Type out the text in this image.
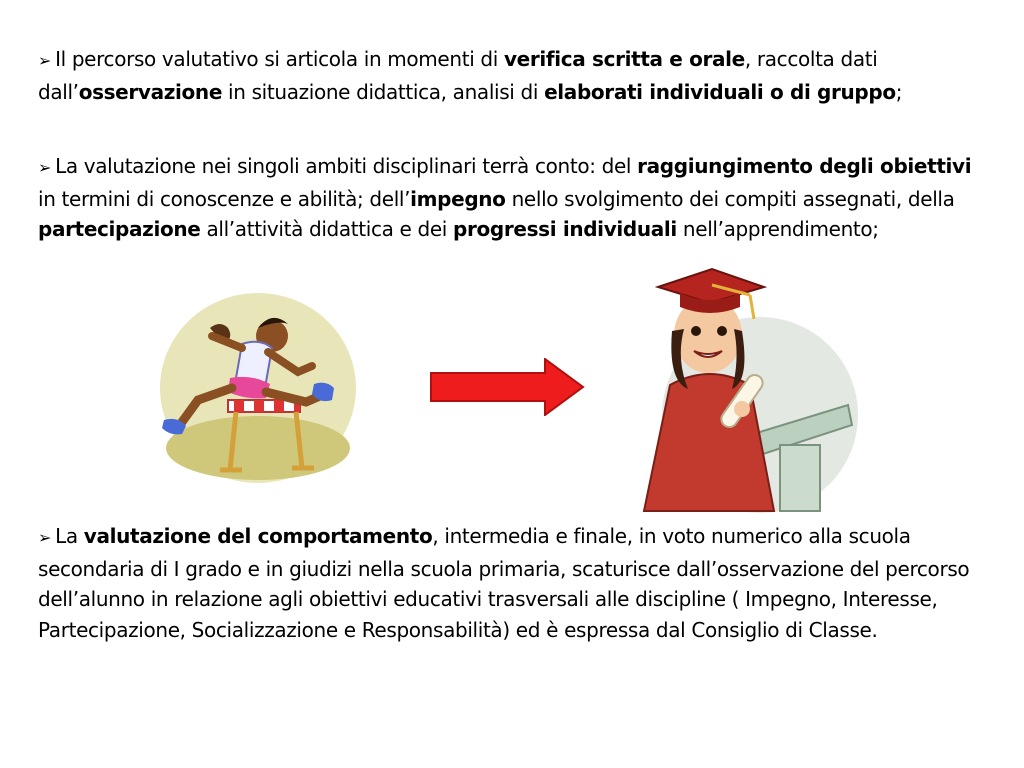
➢ Il percorso valutativo si articola in momenti di verifica scritta e orale, raccolta dati dall’osservazione in situazione didattica, analisi di elaborati individuali o di gruppo;
➢ La valutazione nei singoli ambiti disciplinari terrà conto: del raggiungimento degli obiettivi in termini di conoscenze e abilità; dell’impegno nello svolgimento dei compiti assegnati, della partecipazione all’attività didattica e dei progressi individuali nell’apprendimento;
➢ La valutazione del comportamento, intermedia e finale, in voto numerico alla scuola secondaria di I grado e in giudizi nella scuola primaria, scaturisce dall’osservazione del percorso dell’alunno in relazione agli obiettivi educativi trasversali alle discipline ( Impegno, Interesse, Partecipazione, Socializzazione e Responsabilità) ed è espressa dal Consiglio di Classe.
